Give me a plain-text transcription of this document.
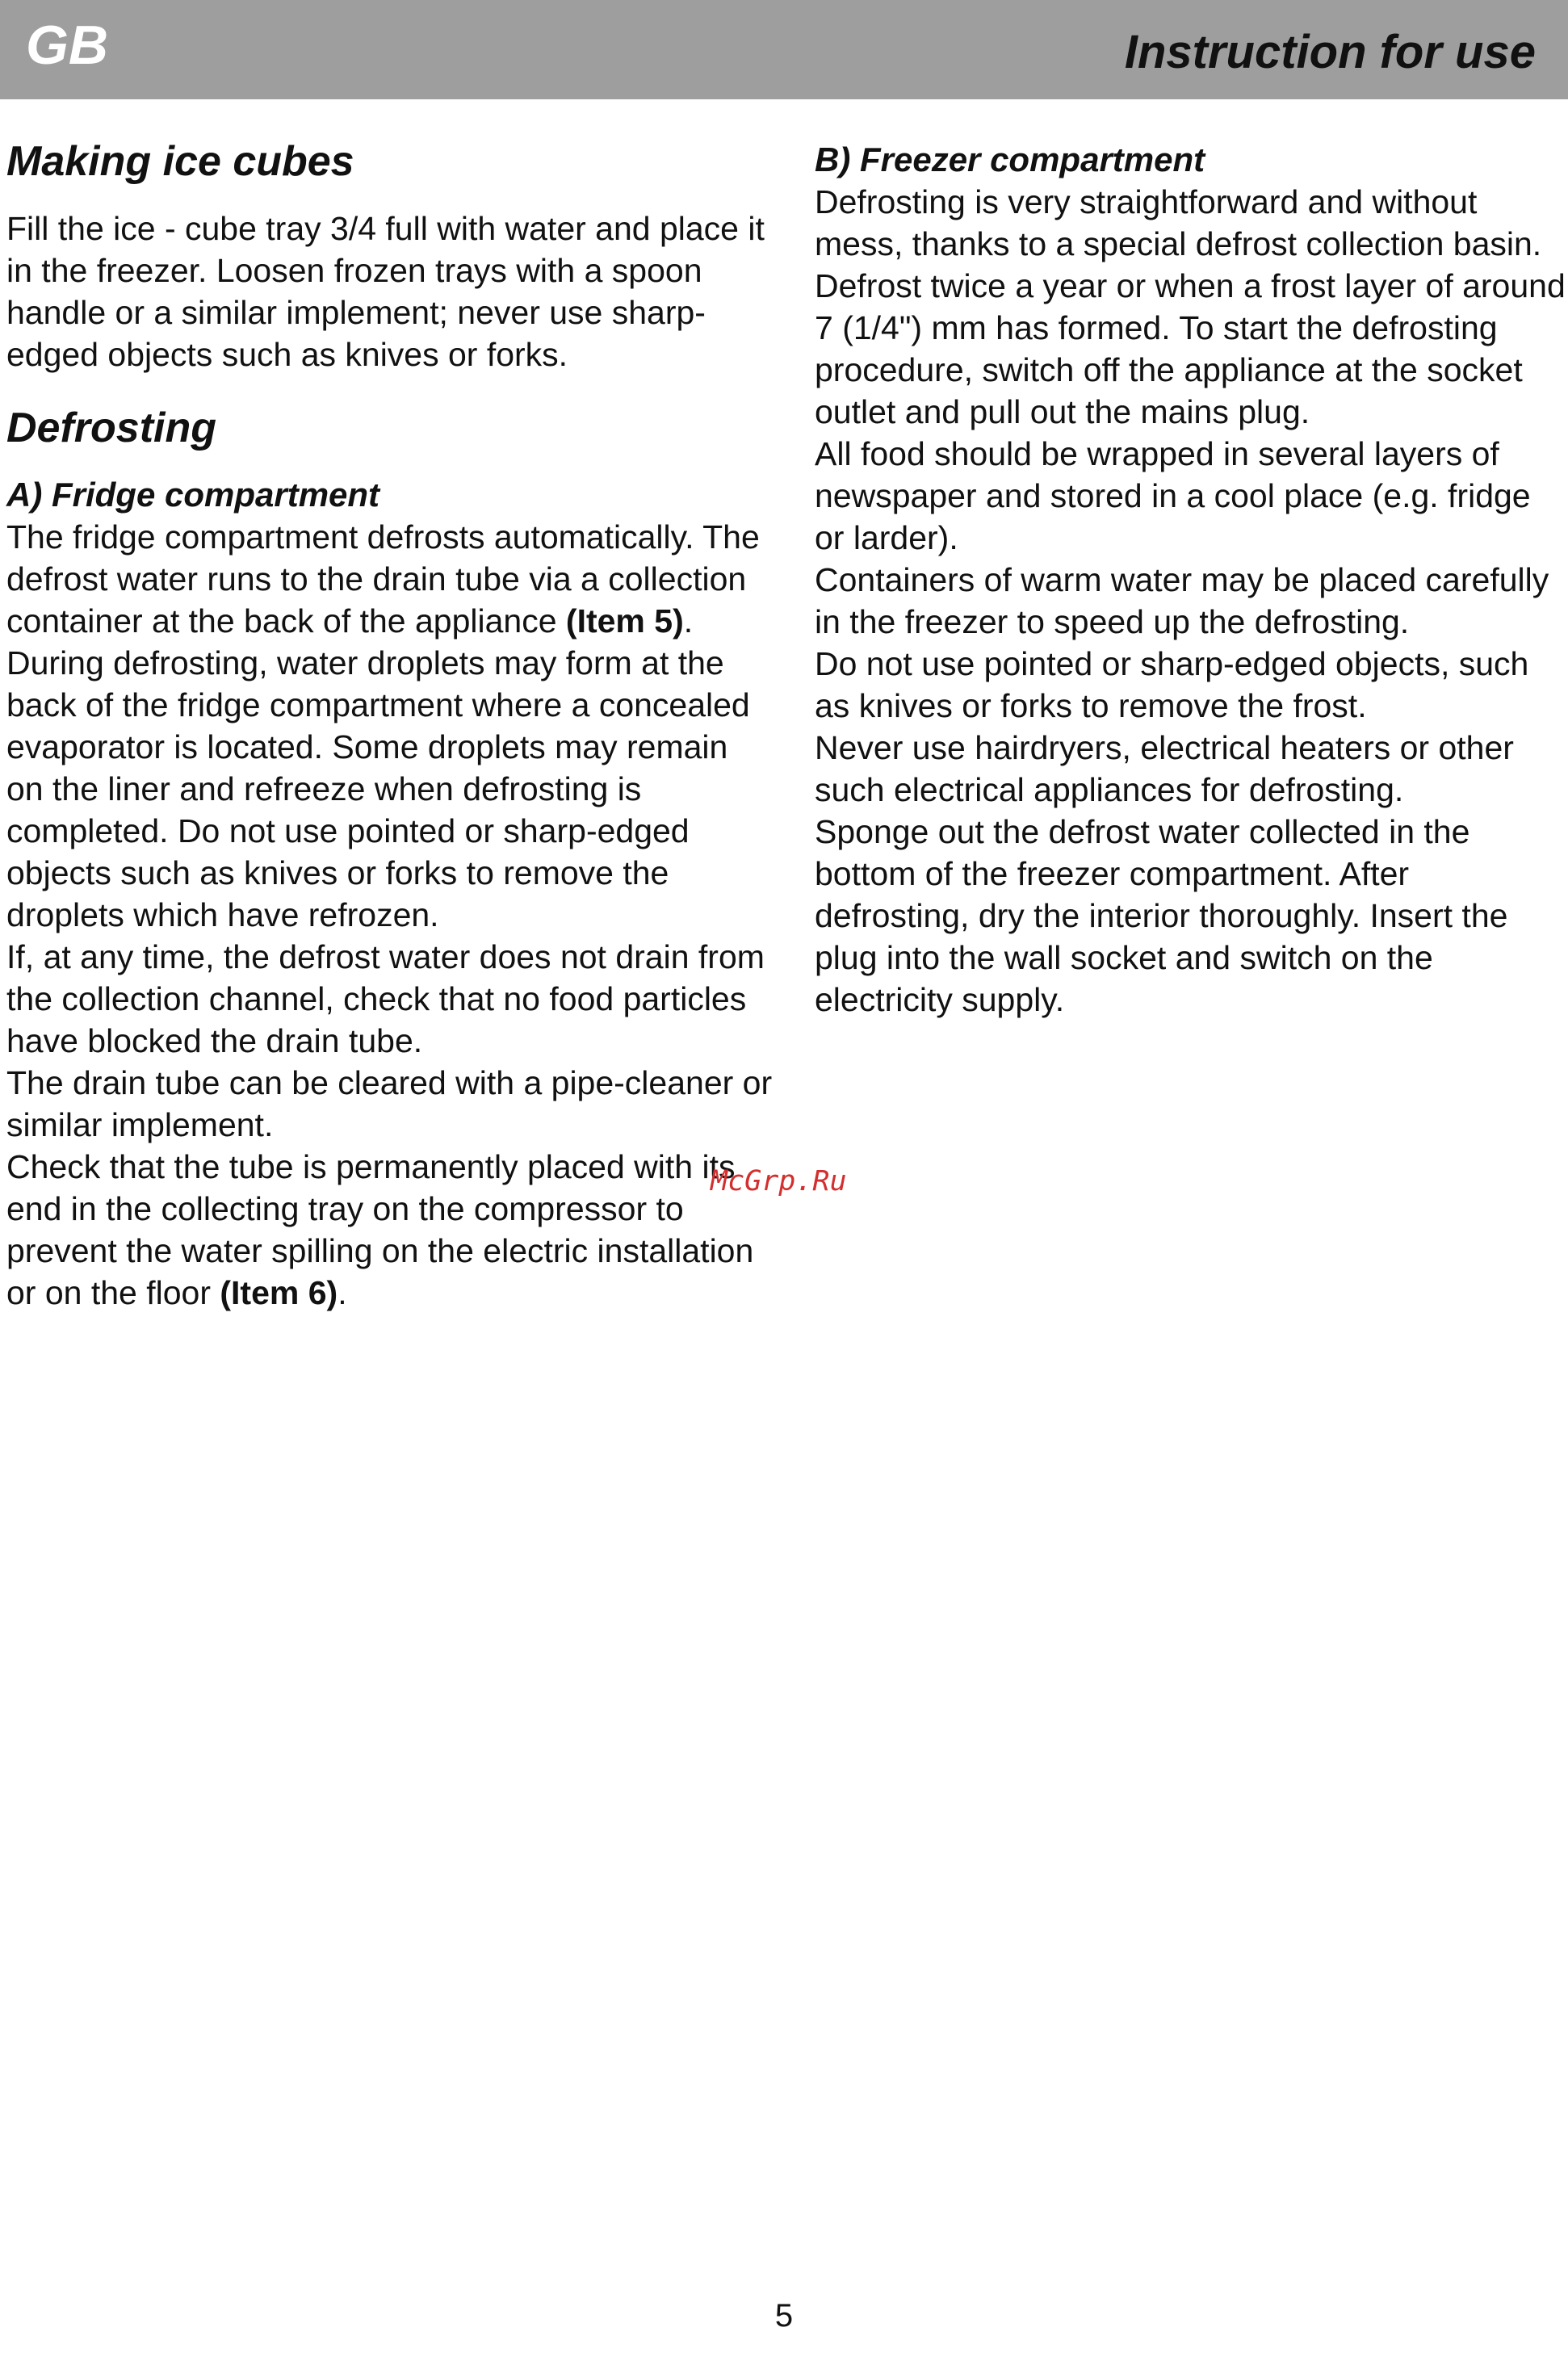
GB	Instruction for use
Making ice cubes

Fill the ice - cube tray 3/4 full with water and place it in the freezer. Loosen frozen trays with a spoon handle or a similar implement; never use sharp-edged objects such as knives or forks.

Defrosting
A) Fridge compartment

The fridge compartment defrosts automatically. The defrost water runs to the drain tube via a collection container at the back of the appliance (Item 5).

During defrosting, water droplets may form at the back of the fridge compartment where a concealed evaporator is located. Some droplets may remain on the liner and refreeze when defrosting is completed. Do not use pointed or sharp-edged objects such as knives or forks to remove the droplets which have refrozen.

If, at any time, the defrost water does not drain from the collection channel, check that no food particles have blocked the drain tube.

The drain tube can be cleared with a pipe-cleaner or similar implement.

Check that the tube is permanently placed with its end in the collecting tray on the compressor to prevent the water spilling on the electric installation or on the floor (Item 6).

B) Freezer compartment

Defrosting is very straightforward and without mess, thanks to a special defrost collection basin.

Defrost twice a year or when a frost layer of around 7 (1/4") mm has formed. To start the defrosting procedure, switch off the appliance at the socket outlet and pull out the mains plug.

All food should be wrapped in several layers of newspaper and stored in a cool place (e.g. fridge or larder).

Containers of warm water may be placed carefully in the freezer to speed up the defrosting.

Do not use pointed or sharp-edged objects, such as knives or forks to remove the frost.

Never use hairdryers, electrical heaters or other such electrical appliances for defrosting.

Sponge out the defrost water collected in the bottom of the freezer compartment. After defrosting, dry the interior thoroughly. Insert the plug into the wall socket and switch on the electricity supply.

McGrp.Ru
5
